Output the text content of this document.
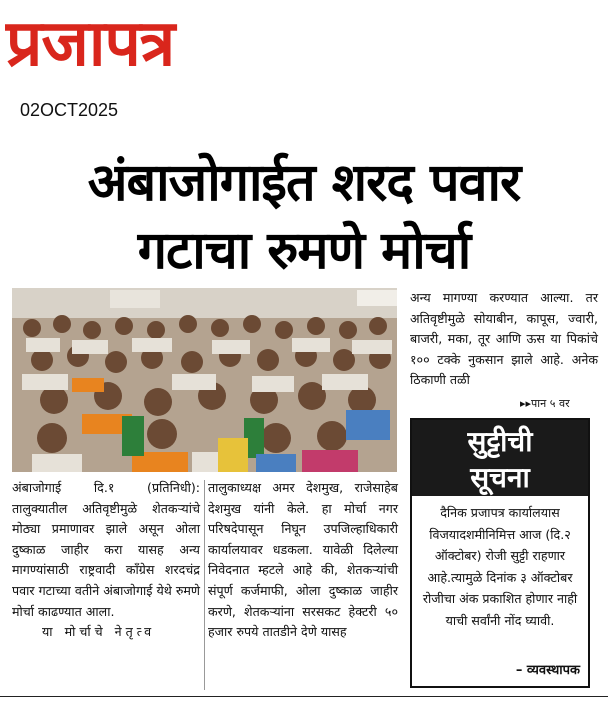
प्रजापत्र
02OCT2025
अंबाजोगाईत शरद पवार
गटाचा रुमणे मोर्चा

अन्य मागण्या करण्यात आल्या. तर अतिवृष्टीमुळे सोयाबीन, कापूस, ज्वारी, बाजरी, मका, तूर आणि ऊस या पिकांचे १०० टक्के नुकसान झाले आहे. अनेक ठिकाणी तळी

▸▸पान ५ वर
सुट्टीची
सूचना
दैनिक प्रजापत्र कार्यालयास विजयादशमीनिमित्त आज (दि.२ ऑक्टोबर) रोजी सुट्टी राहणार आहे.त्यामुळे दिनांक ३ ऑक्टोबर रोजीचा अंक प्रकाशित होणार नाही याची सर्वांनी नोंद घ्यावी.
– व्यवस्थापक

अंबाजोगाई दि.१ (प्रतिनिधी): तालुक्यातील अतिवृष्टीमुळे शेतकऱ्यांचे मोठ्या प्रमाणावर झाले असून ओला दुष्काळ जाहीर करा यासह अन्य मागण्यांसाठी राष्ट्रवादी काँग्रेस शरदचंद्र पवार गटाच्या वतीने अंबाजोगाई येथे रुमणे मोर्चा काढण्यात आला.

या मोर्चाचे नेतृत्व

तालुकाध्यक्ष अमर देशमुख, राजेसाहेब देशमुख यांनी केले. हा मोर्चा नगर परिषदेपासून निघून उपजिल्हाधिकारी कार्यालयावर धडकला. यावेळी दिलेल्या निवेदनात म्हटले आहे की, शेतकऱ्यांची संपूर्ण कर्जमाफी, ओला दुष्काळ जाहीर करणे, शेतकऱ्यांना सरसकट हेक्टरी ५० हजार रुपये तातडीने देणे यासह
